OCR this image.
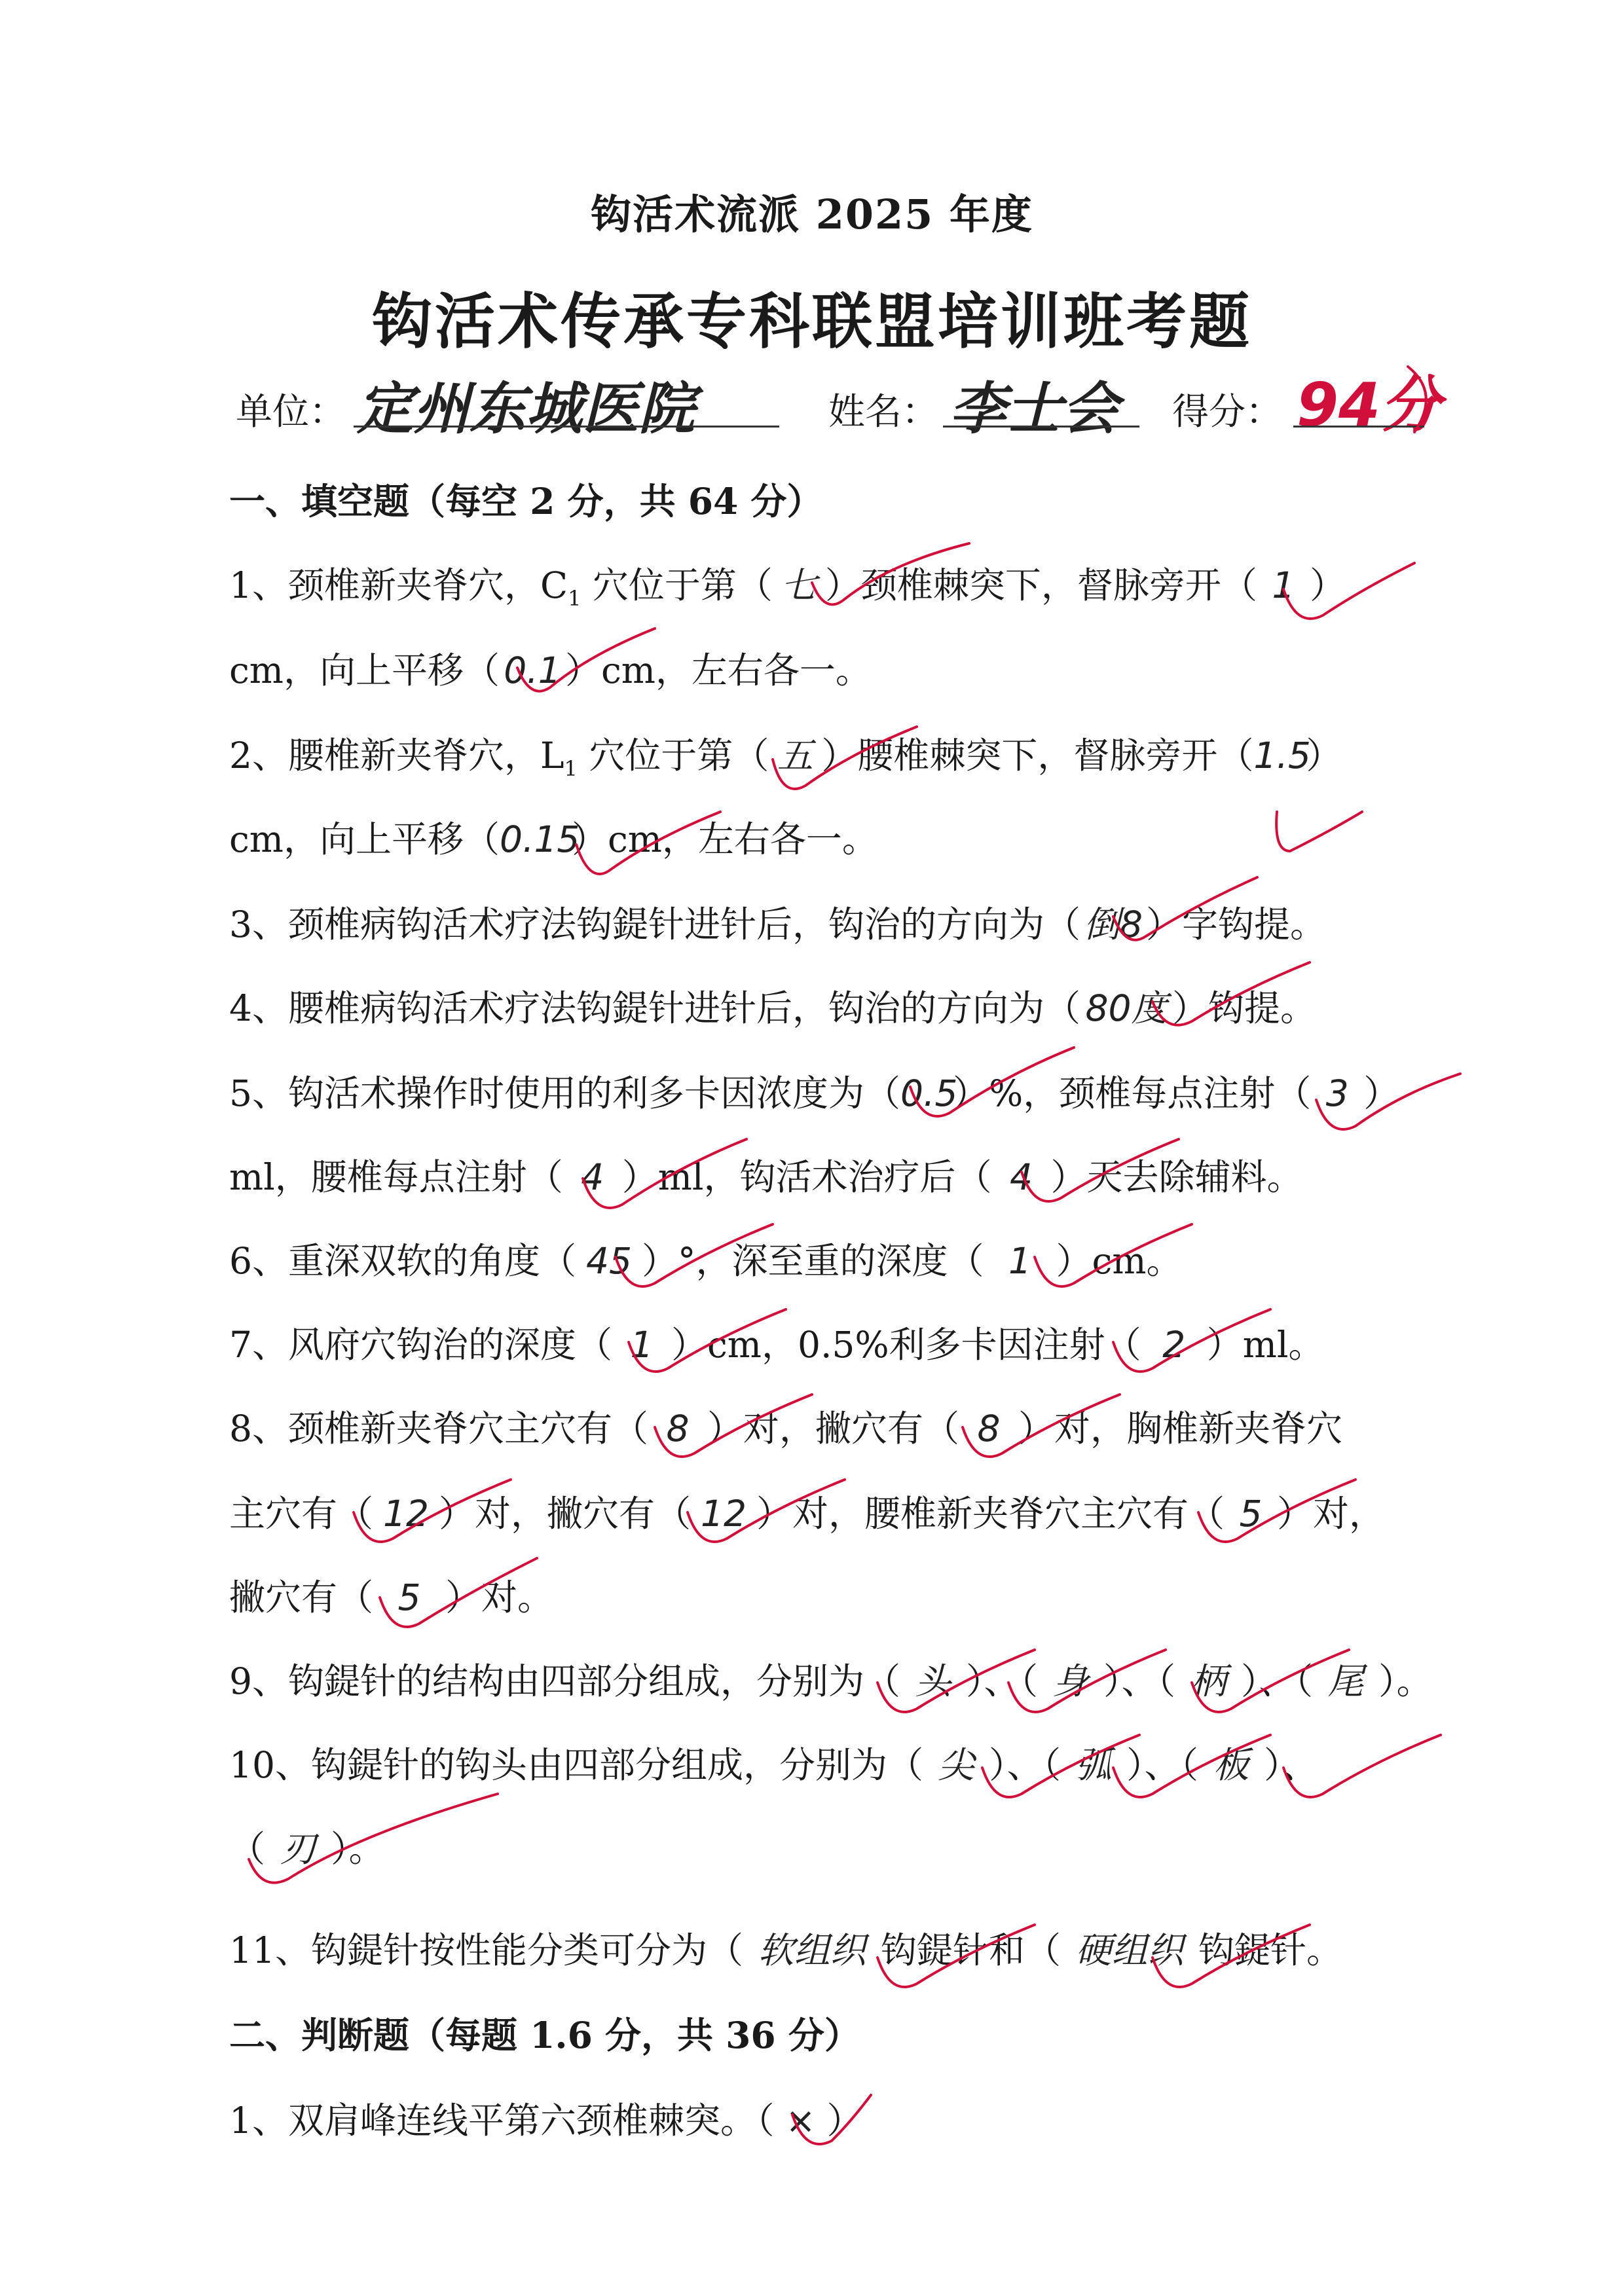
钩活术流派 2025 年度
钩活术传承专科联盟培训班考题
单位： 定州东城医院	姓名： 李士会 得分： 94分
一、填空题（每空 2 分，共 64 分）
1、颈椎新夹脊穴，$C_1$ 穴位于第（ 七 ）颈椎棘突下，督脉旁开（ 1 ）
cm，向上平移（ 0.1 ）cm，左右各一。
2、腰椎新夹脊穴，$L_1$ 穴位于第（ 五 ）腰椎棘突下，督脉旁开（1.5）
cm，向上平移（0.15）cm，左右各一。
3、颈椎病钩活术疗法钩鍉针进针后，钩治的方向为（倒8）字钩提。
4、腰椎病钩活术疗法钩鍉针进针后，钩治的方向为（ 80度 ）钩提。
5、钩活术操作时使用的利多卡因浓度为（0.5）%，颈椎每点注射（ 3 ）
ml，腰椎每点注射（ 4 ）ml，钩活术治疗后（ 4 ）天去除辅料。
6、重深双软的角度（ 45 ）°，深至重的深度（ 1 ）cm。
7、风府穴钩治的深度（ 1 ）cm，0.5%利多卡因注射（ 2 ）ml。
8、颈椎新夹脊穴主穴有（ 8 ）对，撇穴有（ 8 ）对，胸椎新夹脊穴
主穴有（ 12 ）对，撇穴有（ 12 ）对，腰椎新夹脊穴主穴有（ 5 ）对，
撇穴有（ 5 ）对。
9、钩鍉针的结构由四部分组成，分别为（ 头 ）、（ 身 ）、（ 柄 ）、（ 尾 ）。
10、钩鍉针的钩头由四部分组成，分别为（ 尖 ）、（ 弧 ）、（ 板 ）、
（ 刃 ）。
11、钩鍉针按性能分类可分为（ 软组织 钩鍉针和（ 硬组织 钩鍉针。
二、判断题（每题 1.6 分，共 36 分）
1、双肩峰连线平第六颈椎棘突。（ × ）
